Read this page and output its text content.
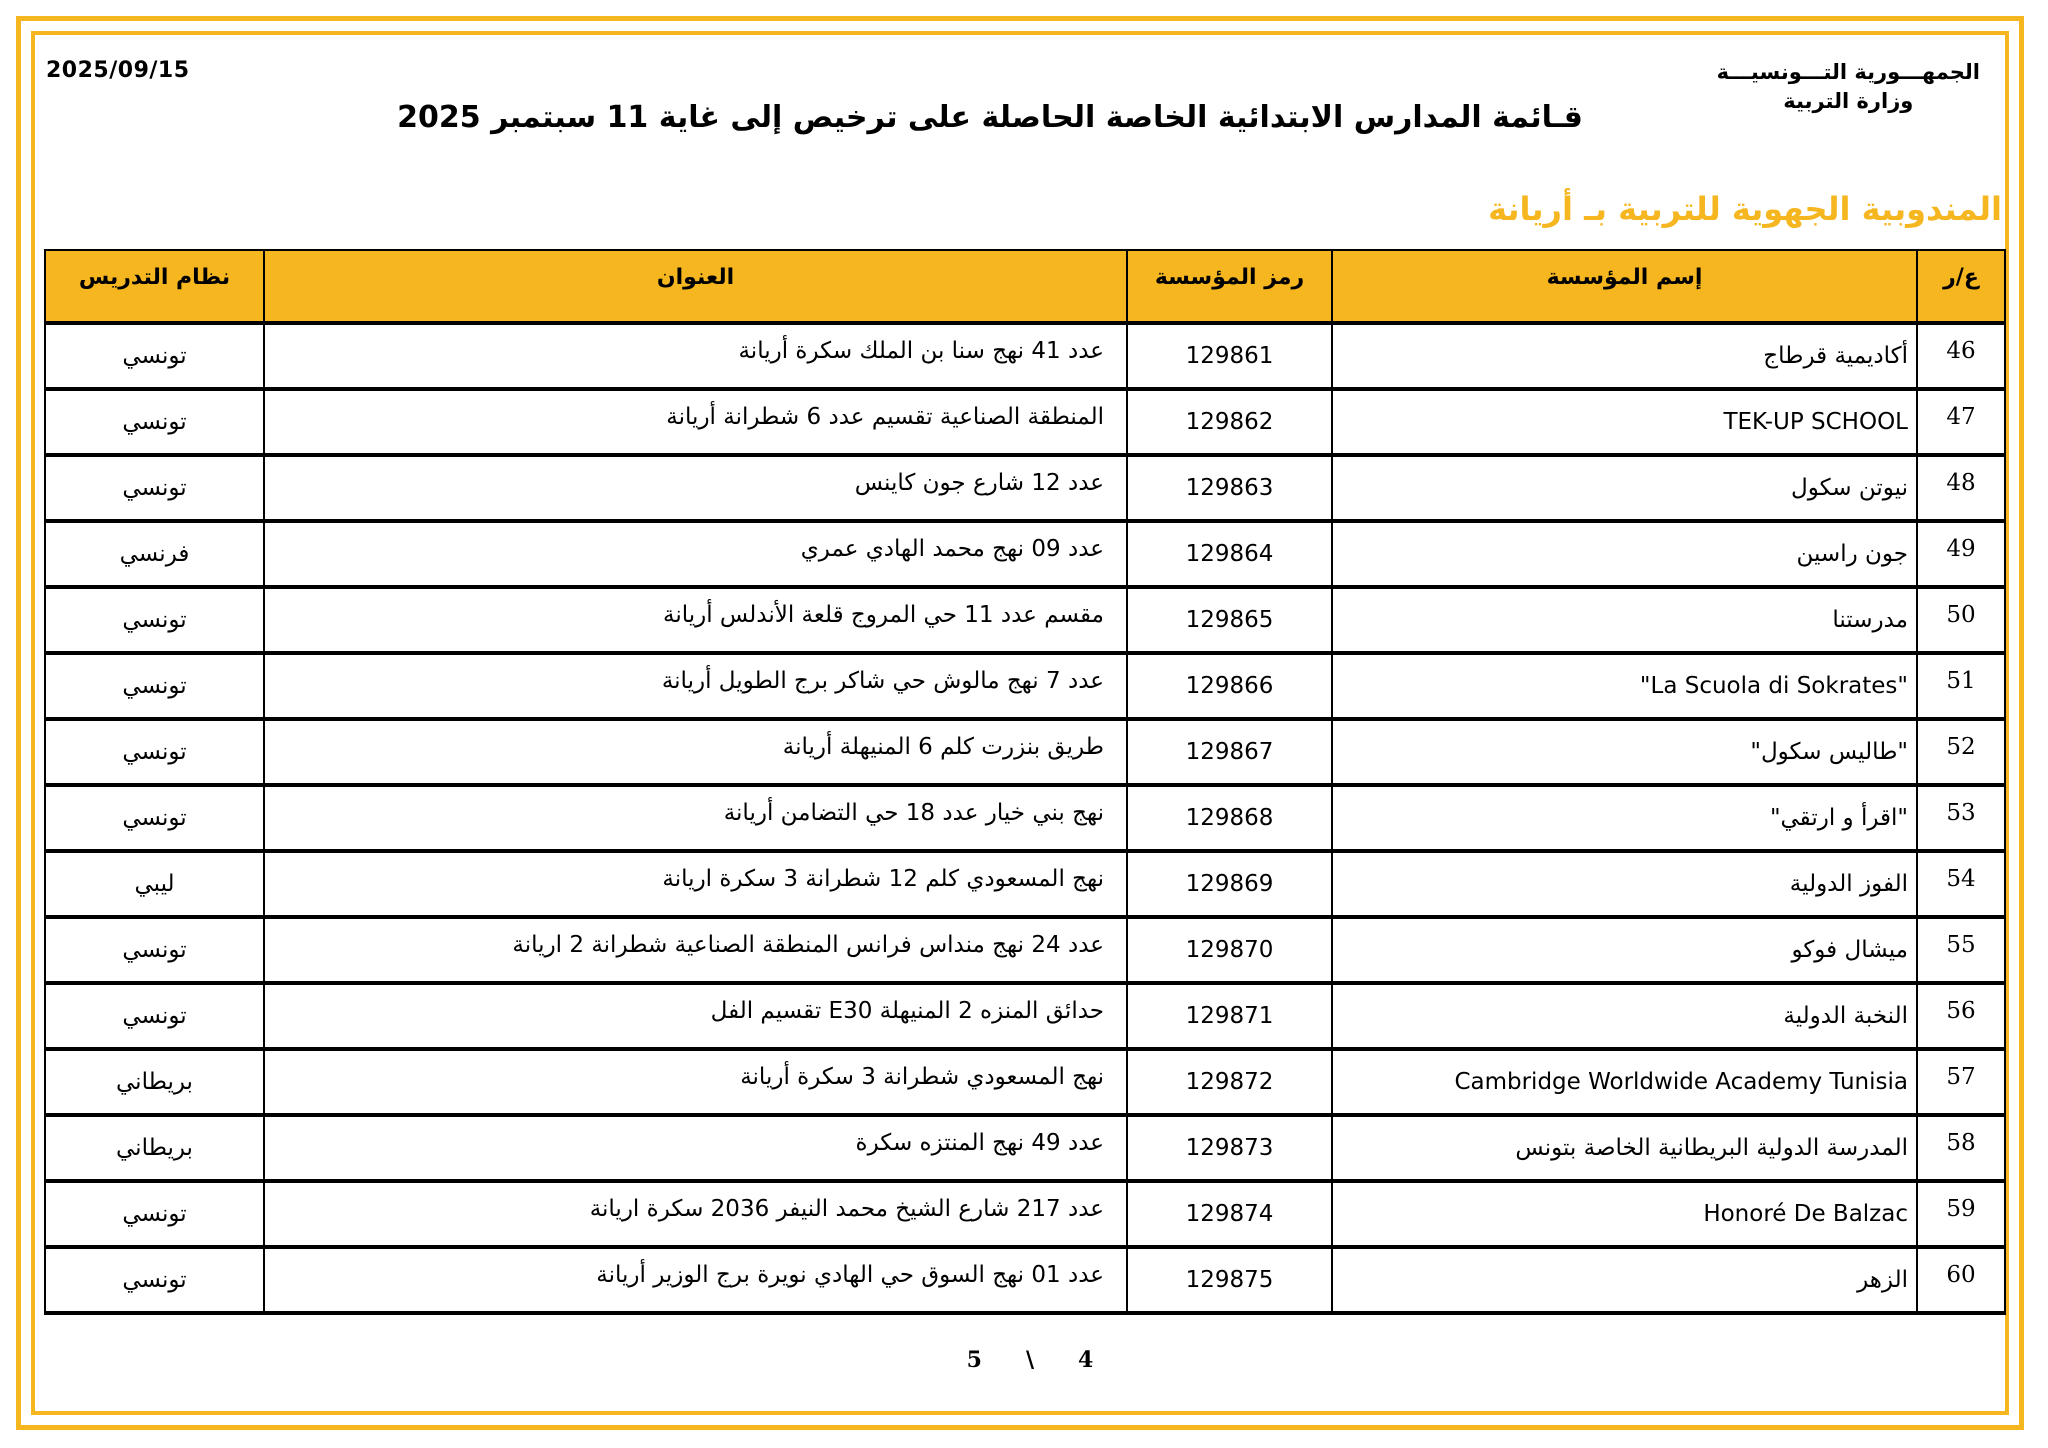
الجمهـــورية التـــونسيـــة
وزارة التربية
2025/09/15
قـائمة المدارس الابتدائية الخاصة الحاصلة على ترخيص إلى غاية 11 سبتمبر 2025
المندوبية الجهوية للتربية بـ أريانة
ع/ر	إسم المؤسسة	رمز المؤسسة	العنوان	نظام التدريس
46	أكاديمية قرطاج	129861	عدد 41 نهج سنا بن الملك سكرة أريانة	تونسي
47	TEK-UP SCHOOL	129862	المنطقة الصناعية تقسيم عدد 6 شطرانة أريانة	تونسي
48	نيوتن سكول	129863	عدد 12 شارع جون كاينس	تونسي
49	جون راسين	129864	عدد 09 نهج محمد الهادي عمري	فرنسي
50	مدرستنا	129865	مقسم عدد 11 حي المروج قلعة الأندلس أريانة	تونسي
51	"La Scuola di Sokrates"	129866	عدد 7 نهج مالوش حي شاكر برج الطويل أريانة	تونسي
52	"طاليس سكول"	129867	طريق بنزرت كلم 6 المنيهلة أريانة	تونسي
53	"اقرأ و ارتقي"	129868	نهج بني خيار عدد 18 حي التضامن أريانة	تونسي
54	الفوز الدولية	129869	نهج المسعودي كلم 12 شطرانة 3 سكرة اريانة	ليبي
55	ميشال فوكو	129870	عدد 24 نهج منداس فرانس المنطقة الصناعية شطرانة 2 اريانة	تونسي
56	النخبة الدولية	129871	حدائق المنزه 2 المنيهلة E30 تقسيم الفل	تونسي
57	Cambridge Worldwide Academy Tunisia	129872	نهج المسعودي شطرانة 3 سكرة أريانة	بريطاني
58	المدرسة الدولية البريطانية الخاصة بتونس	129873	عدد 49 نهج المنتزه سكرة	بريطاني
59	Honoré De Balzac	129874	عدد 217 شارع الشيخ محمد النيفر 2036 سكرة اريانة	تونسي
60	الزهر	129875	عدد 01 نهج السوق حي الهادي نويرة برج الوزير أريانة	تونسي
4\5
